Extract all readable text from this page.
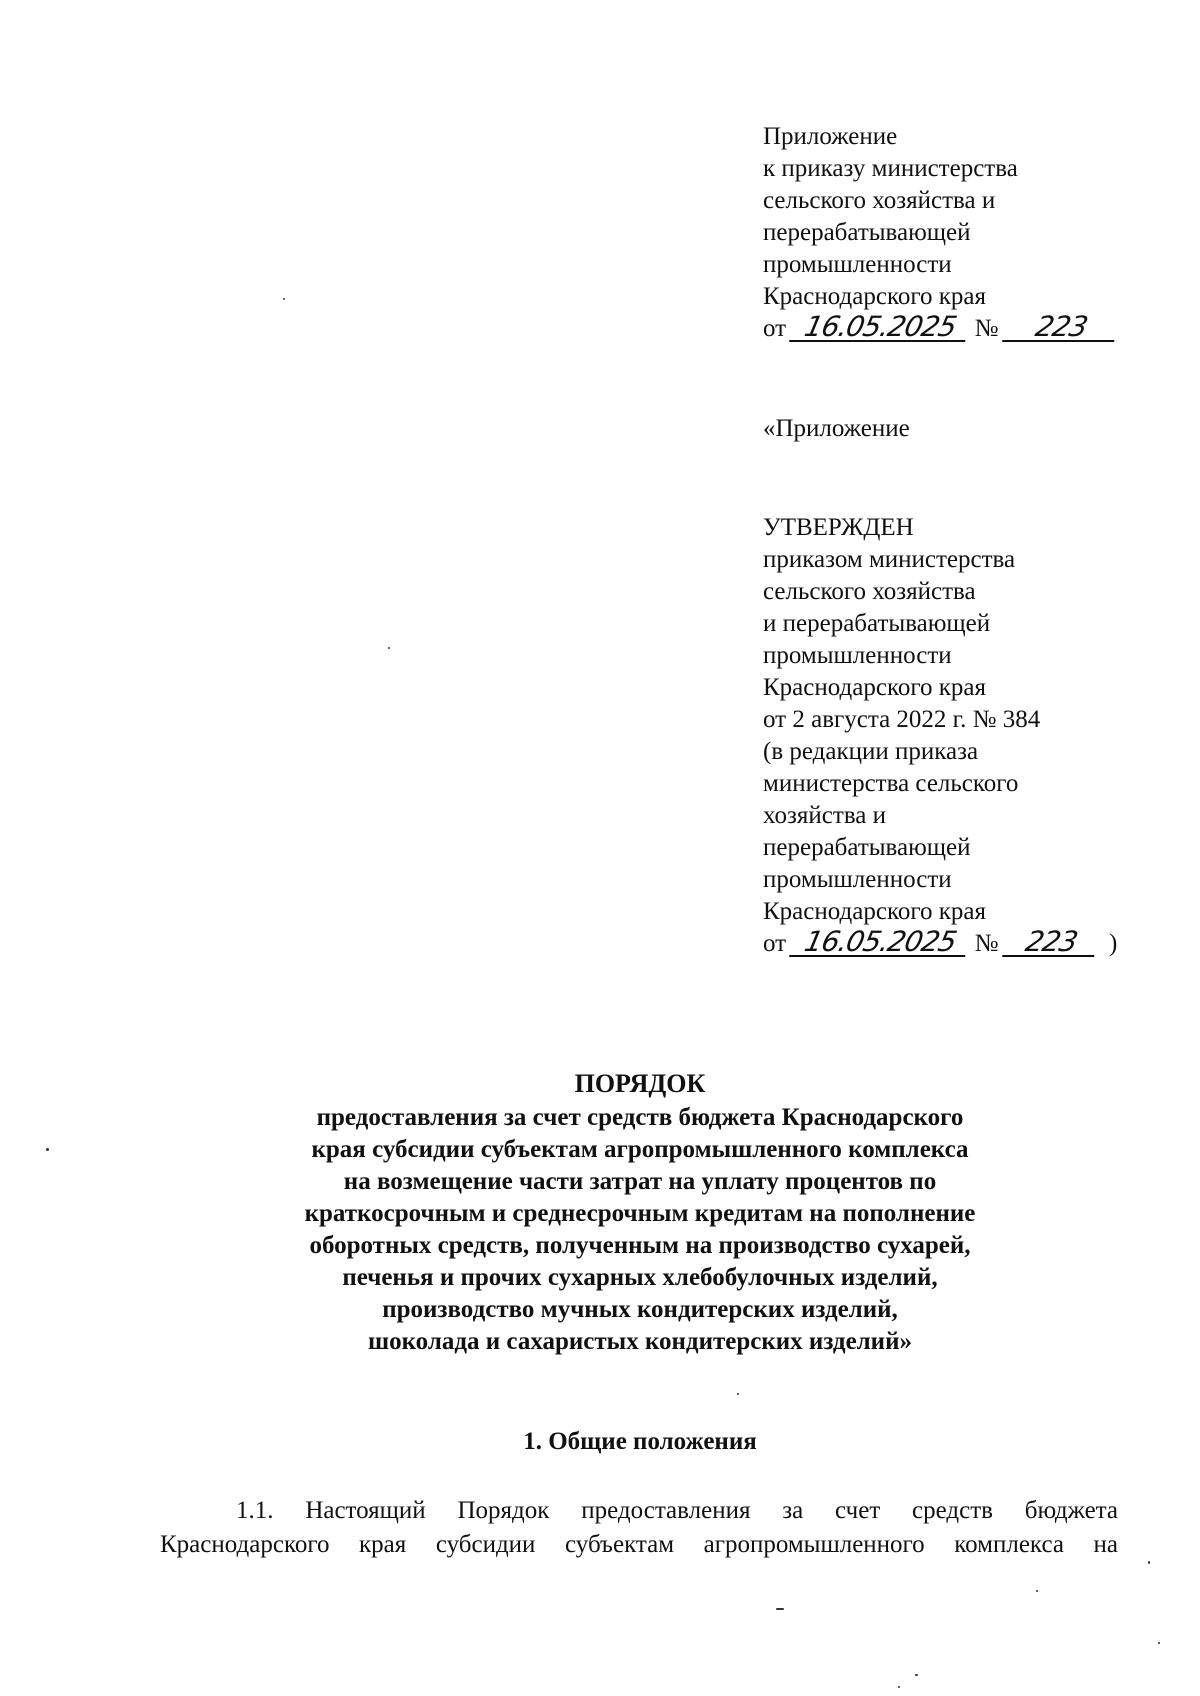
Приложение
к приказу министерства
сельского хозяйства и
перерабатывающей
промышленности
Краснодарского края
от 16.05.2025 № 223
«Приложение
УТВЕРЖДЕН
приказом министерства
сельского хозяйства
и перерабатывающей
промышленности
Краснодарского края
от 2 августа 2022 г. № 384
(в редакции приказа
министерства сельского
хозяйства и
перерабатывающей
промышленности
Краснодарского края
от 16.05.2025 № 223 )
ПОРЯДОК
предоставления за счет средств бюджета Краснодарского
края субсидии субъектам агропромышленного комплекса
на возмещение части затрат на уплату процентов по
краткосрочным и среднесрочным кредитам на пополнение
оборотных средств, полученным на производство сухарей,
печенья и прочих сухарных хлебобулочных изделий,
производство мучных кондитерских изделий,
шоколада и сахаристых кондитерских изделий»
1. Общие положения
1.1. Настоящий Порядок предоставления за счет средств бюджета
Краснодарского края субсидии субъектам агропромышленного комплекса на
